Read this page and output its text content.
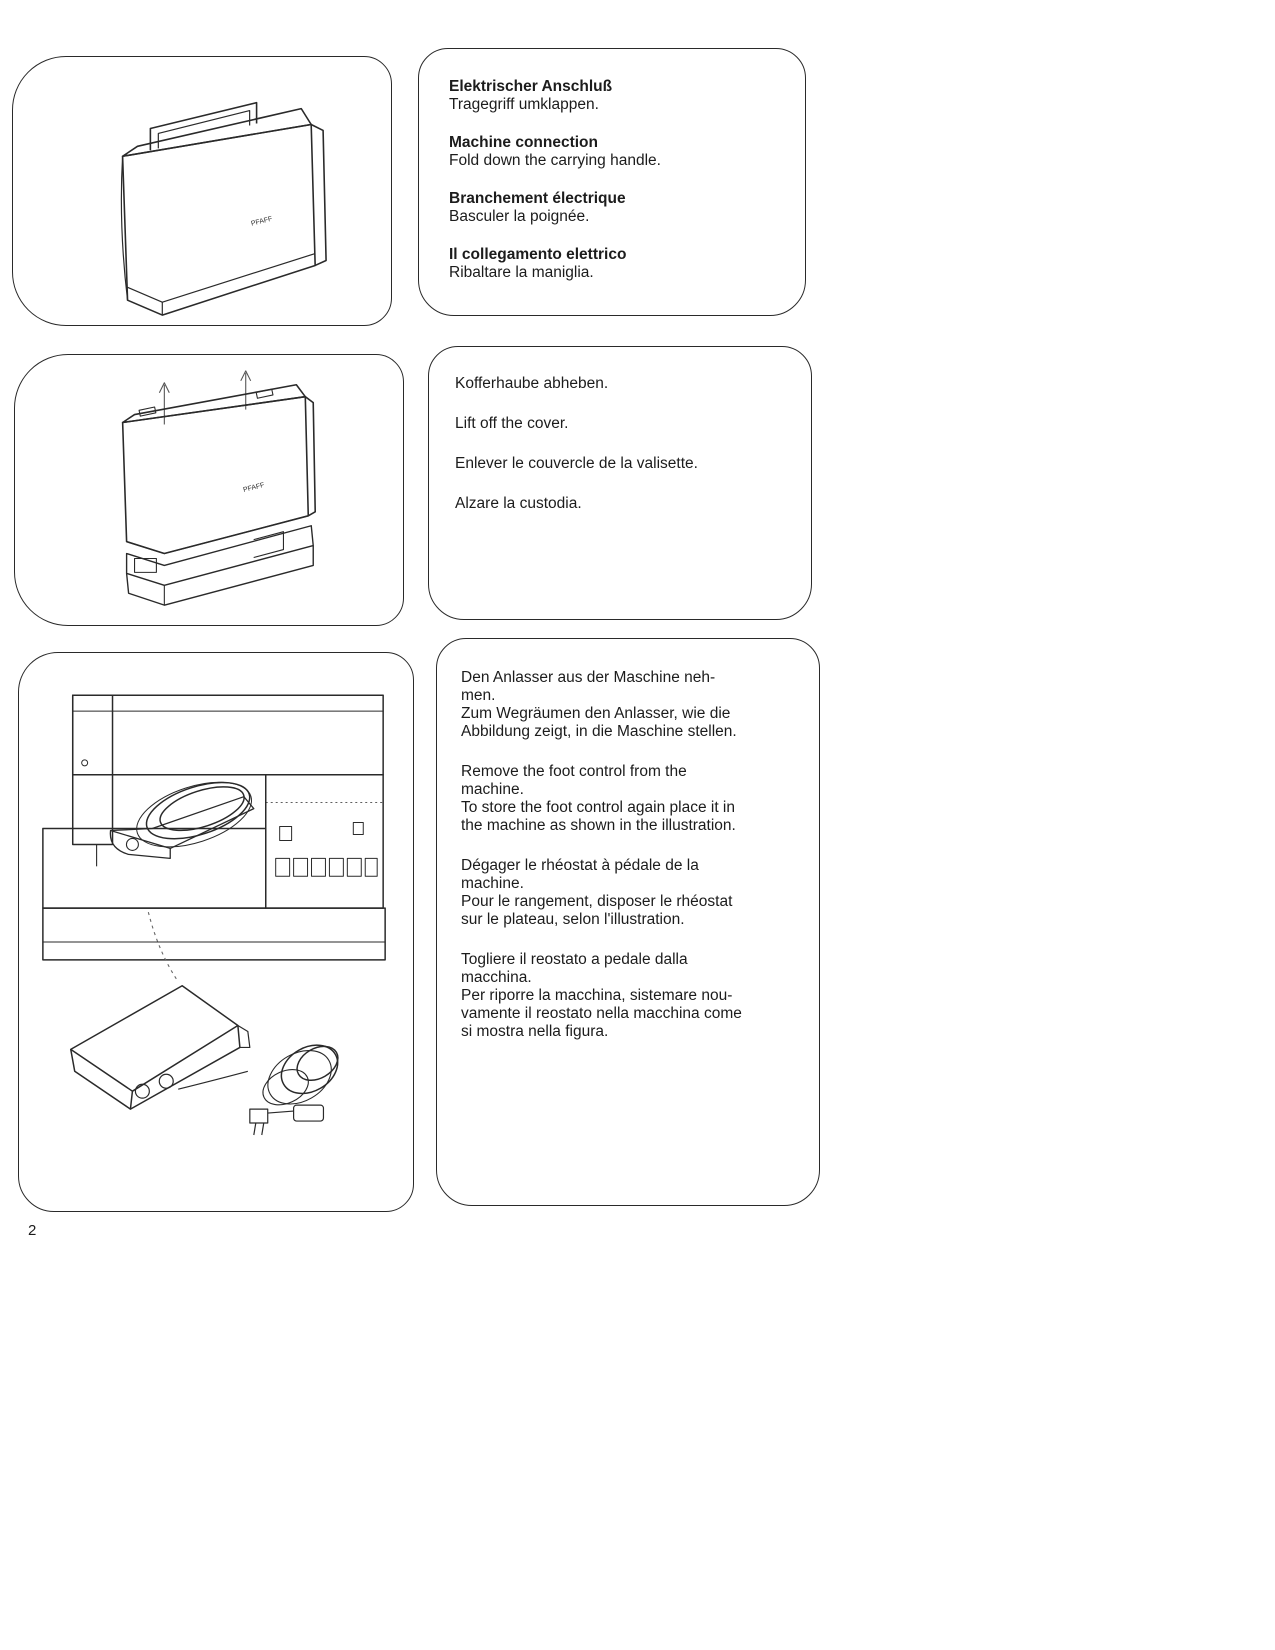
PFAFF
Elektrischer Anschluß
Tragegriff umklappen.
Machine connection
Fold down the carrying handle.
Branchement électrique
Basculer la poignée.
Il collegamento elettrico
Ribaltare la maniglia.
PFAFF
Kofferhaube abheben.
Lift off the cover.
Enlever le couvercle de la valisette.
Alzare la custodia.
Den Anlasser aus der Maschine neh-
men.
Zum Wegräumen den Anlasser, wie die
Abbildung zeigt, in die Maschine stellen.
Remove the foot control from the
machine.
To store the foot control again place it in
the machine as shown in the illustration.
Dégager le rhéostat à pédale de la
machine.
Pour le rangement, disposer le rhéostat
sur le plateau, selon l'illustration.
Togliere il reostato a pedale dalla
macchina.
Per riporre la macchina, sistemare nou-
vamente il reostato nella macchina come
si mostra nella figura.
2
